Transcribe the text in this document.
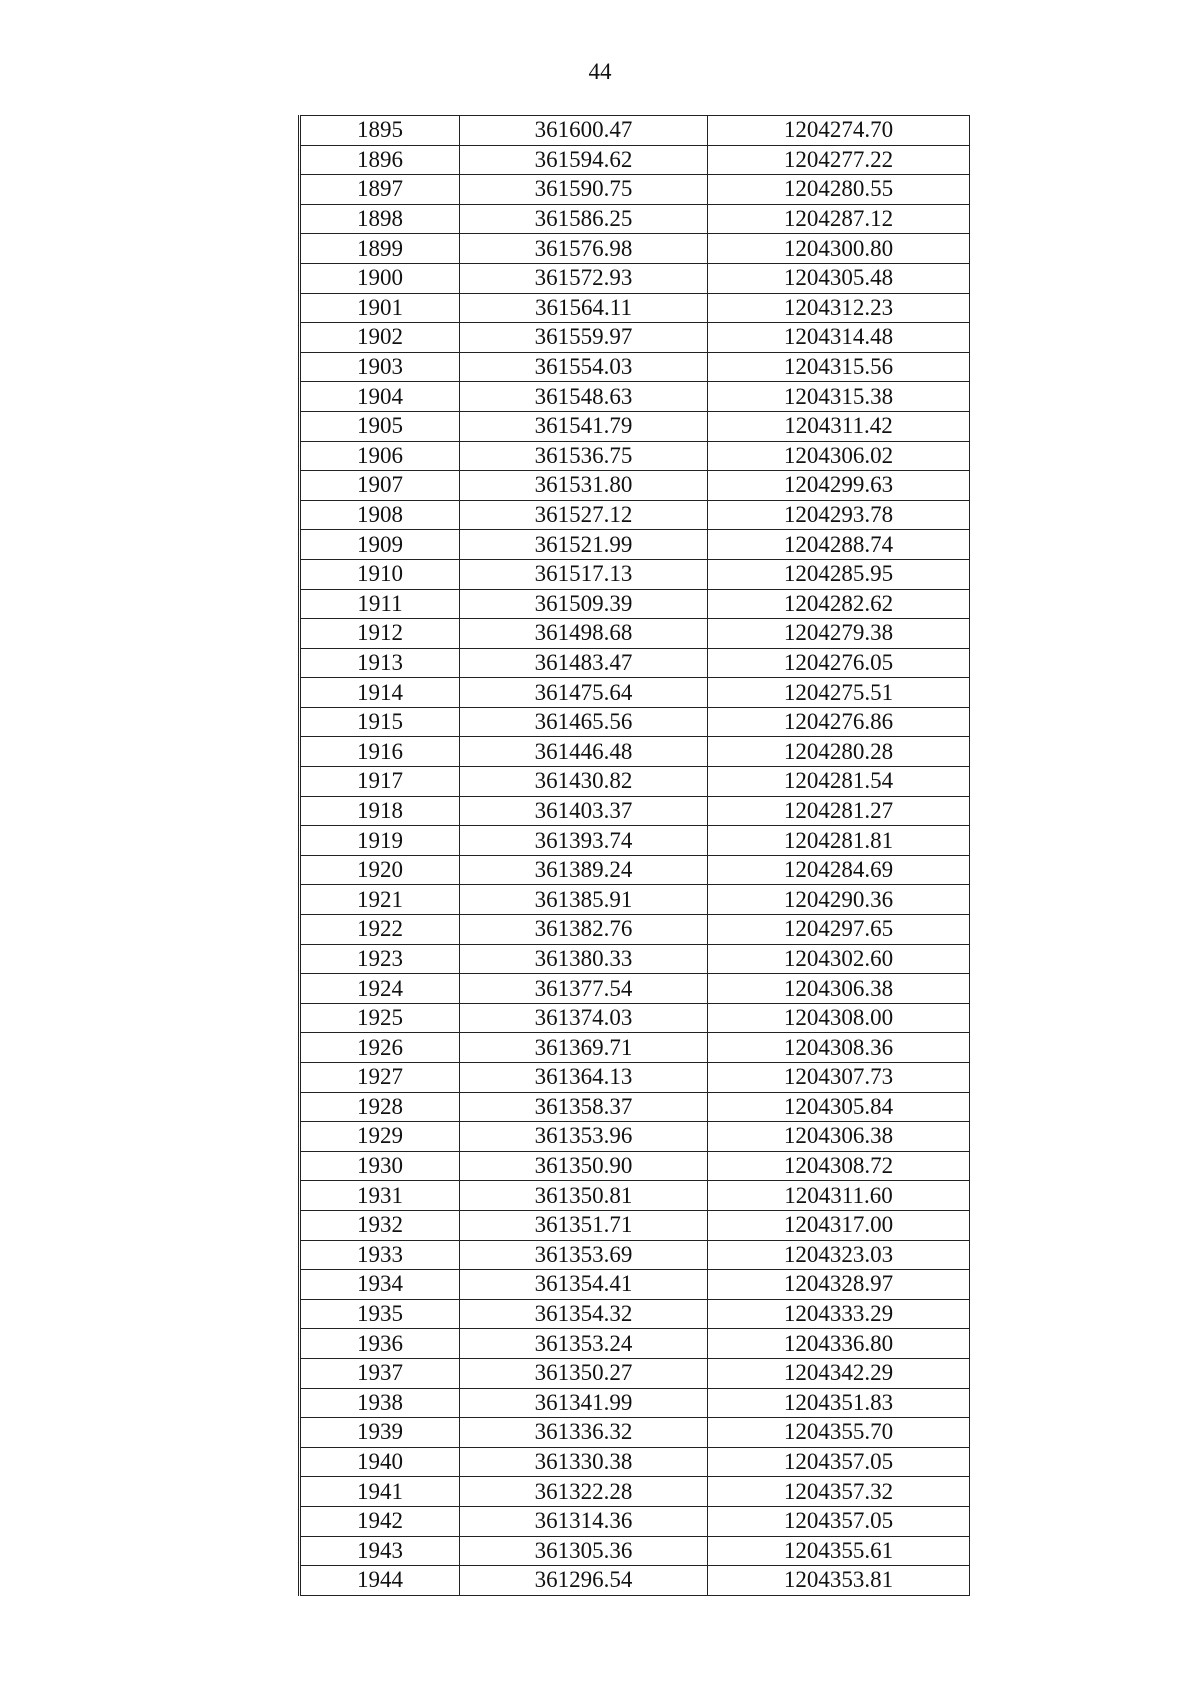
44
1895	361600.47	1204274.70
1896	361594.62	1204277.22
1897	361590.75	1204280.55
1898	361586.25	1204287.12
1899	361576.98	1204300.80
1900	361572.93	1204305.48
1901	361564.11	1204312.23
1902	361559.97	1204314.48
1903	361554.03	1204315.56
1904	361548.63	1204315.38
1905	361541.79	1204311.42
1906	361536.75	1204306.02
1907	361531.80	1204299.63
1908	361527.12	1204293.78
1909	361521.99	1204288.74
1910	361517.13	1204285.95
1911	361509.39	1204282.62
1912	361498.68	1204279.38
1913	361483.47	1204276.05
1914	361475.64	1204275.51
1915	361465.56	1204276.86
1916	361446.48	1204280.28
1917	361430.82	1204281.54
1918	361403.37	1204281.27
1919	361393.74	1204281.81
1920	361389.24	1204284.69
1921	361385.91	1204290.36
1922	361382.76	1204297.65
1923	361380.33	1204302.60
1924	361377.54	1204306.38
1925	361374.03	1204308.00
1926	361369.71	1204308.36
1927	361364.13	1204307.73
1928	361358.37	1204305.84
1929	361353.96	1204306.38
1930	361350.90	1204308.72
1931	361350.81	1204311.60
1932	361351.71	1204317.00
1933	361353.69	1204323.03
1934	361354.41	1204328.97
1935	361354.32	1204333.29
1936	361353.24	1204336.80
1937	361350.27	1204342.29
1938	361341.99	1204351.83
1939	361336.32	1204355.70
1940	361330.38	1204357.05
1941	361322.28	1204357.32
1942	361314.36	1204357.05
1943	361305.36	1204355.61
1944	361296.54	1204353.81
